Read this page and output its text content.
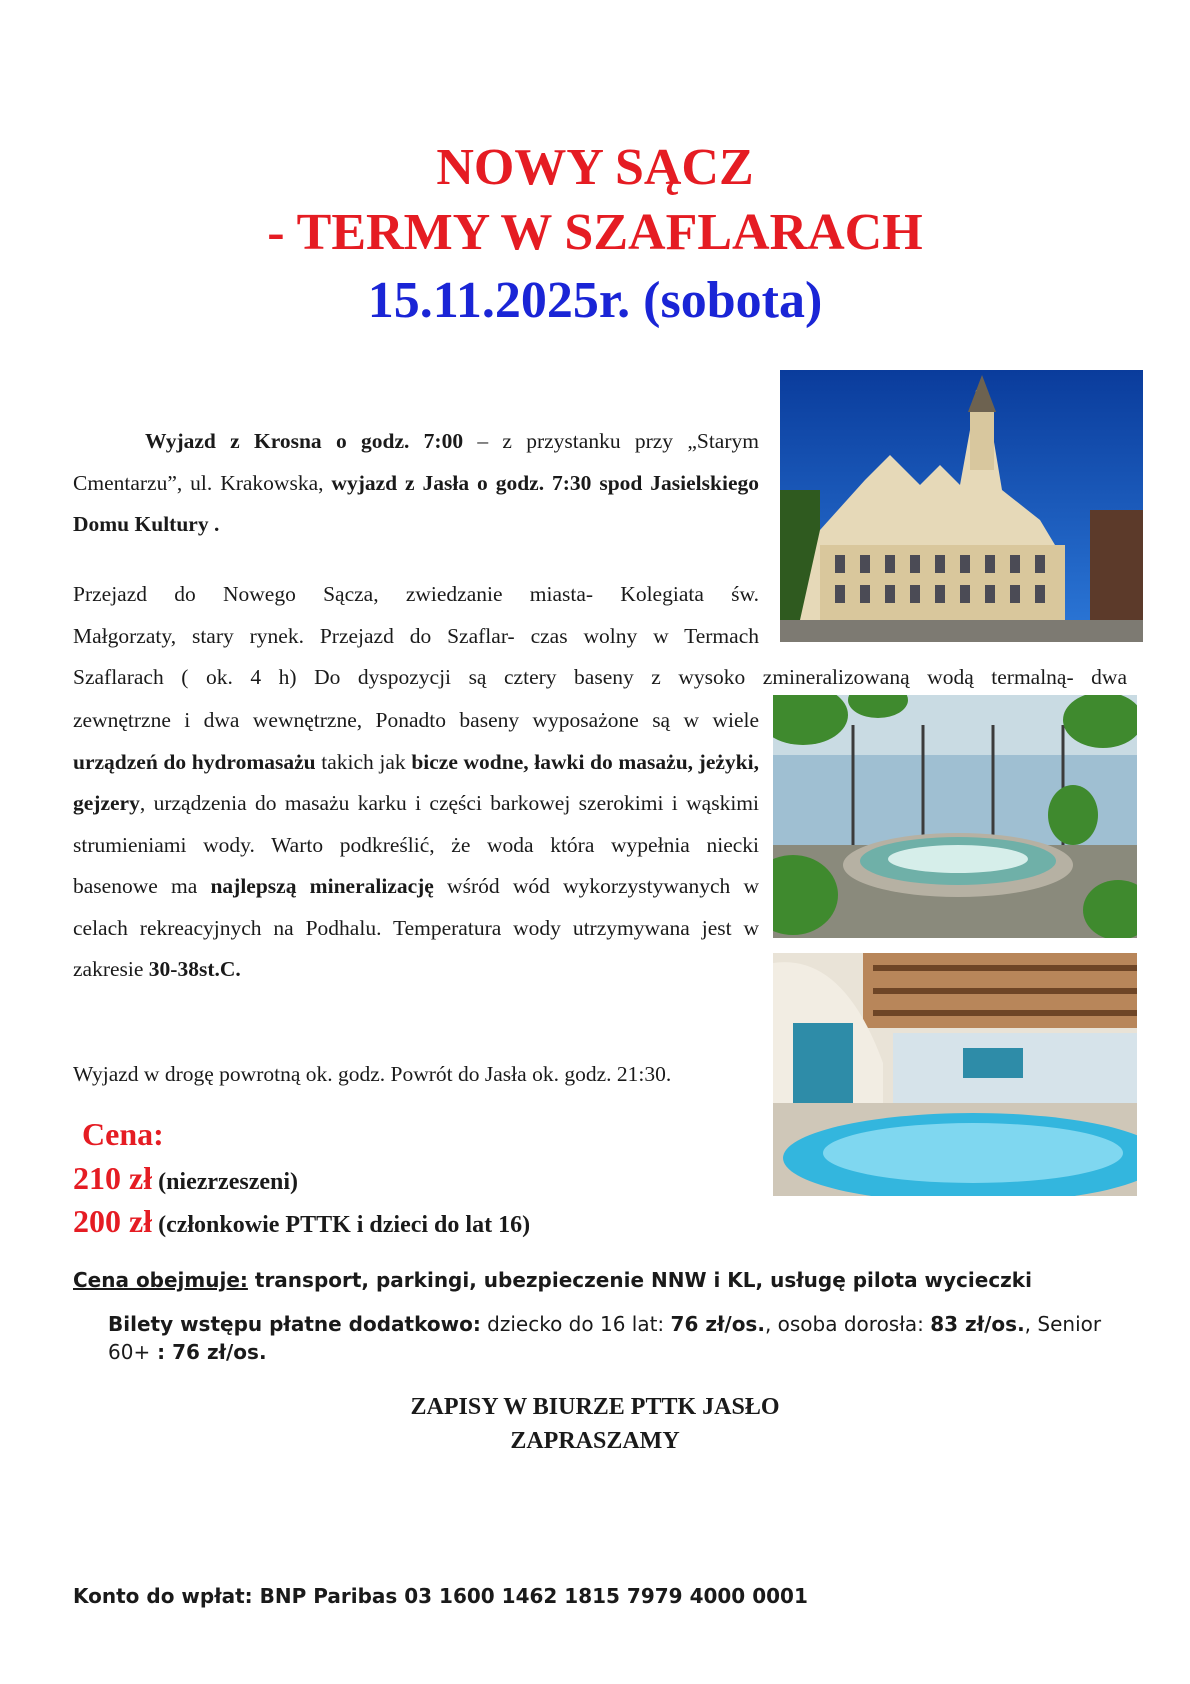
NOWY SĄCZ
- TERMY W SZAFLARACH
15.11.2025r. (sobota)

Wyjazd z Krosna o godz. 7:00 – z przystanku przy „Starym Cmentarzu”, ul. Krakowska, wyjazd z Jasła o godz. 7:30 spod Jasielskiego Domu Kultury .

Przejazd do Nowego Sącza, zwiedzanie miasta- Kolegiata św.
Małgorzaty, stary rynek. Przejazd do Szaflar- czas wolny w Termach
Szaflarach ( ok. 4 h) Do dyspozycji są cztery baseny z wysoko zmineralizowaną wodą termalną- dwa

zewnętrzne i dwa wewnętrzne, Ponadto baseny wyposażone są w wiele urządzeń do hydromasażu takich jak bicze wodne, ławki do masażu, jeżyki, gejzery, urządzenia do masażu karku i części barkowej szerokimi i wąskimi strumieniami wody. Warto podkreślić, że woda która wypełnia niecki basenowe ma najlepszą mineralizację wśród wód wykorzystywanych w celach rekreacyjnych na Podhalu. Temperatura wody utrzymywana jest w zakresie 30-38st.C.

Wyjazd w drogę powrotną ok. godz. Powrót do Jasła ok. godz. 21:30.

Cena:
210 zł (niezrzeszeni)
200 zł (członkowie PTTK i dzieci do lat 16)
Cena obejmuje: transport, parkingi, ubezpieczenie NNW i KL, usługę pilota wycieczki
Bilety wstępu płatne dodatkowo: dziecko do 16 lat: 76 zł/os., osoba dorosła: 83 zł/os., Senior 60+ : 76 zł/os.
ZAPISY W BIURZE PTTK JASŁO
ZAPRASZAMY
Konto do wpłat: BNP Paribas 03 1600 1462 1815 7979 4000 0001
